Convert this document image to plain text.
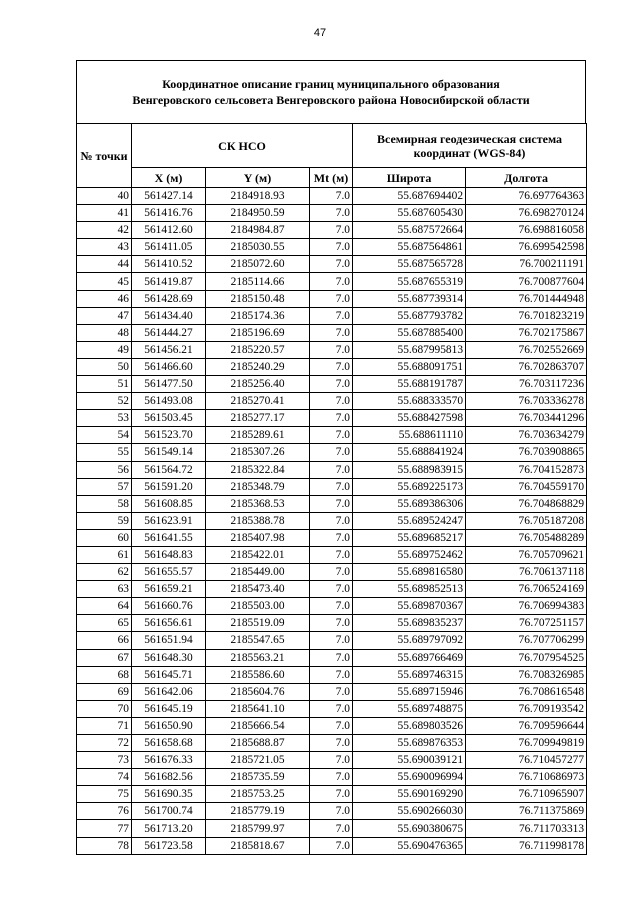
47
Координатное описание границ муниципального образования
Венгеровского сельсовета Венгеровского района Новосибирской области
№ точки	СК НСО			Всемирная геодезическая система координат (WGS-84)	
	X (м)	Y (м)	Mt (м)	Широта	Долгота
40	561427.14	2184918.93	7.0	55.687694402	76.697764363
41	561416.76	2184950.59	7.0	55.687605430	76.698270124
42	561412.60	2184984.87	7.0	55.687572664	76.698816058
43	561411.05	2185030.55	7.0	55.687564861	76.699542598
44	561410.52	2185072.60	7.0	55.687565728	76.700211191
45	561419.87	2185114.66	7.0	55.687655319	76.700877604
46	561428.69	2185150.48	7.0	55.687739314	76.701444948
47	561434.40	2185174.36	7.0	55.687793782	76.701823219
48	561444.27	2185196.69	7.0	55.687885400	76.702175867
49	561456.21	2185220.57	7.0	55.687995813	76.702552669
50	561466.60	2185240.29	7.0	55.688091751	76.702863707
51	561477.50	2185256.40	7.0	55.688191787	76.703117236
52	561493.08	2185270.41	7.0	55.688333570	76.703336278
53	561503.45	2185277.17	7.0	55.688427598	76.703441296
54	561523.70	2185289.61	7.0	55.688611110	76.703634279
55	561549.14	2185307.26	7.0	55.688841924	76.703908865
56	561564.72	2185322.84	7.0	55.688983915	76.704152873
57	561591.20	2185348.79	7.0	55.689225173	76.704559170
58	561608.85	2185368.53	7.0	55.689386306	76.704868829
59	561623.91	2185388.78	7.0	55.689524247	76.705187208
60	561641.55	2185407.98	7.0	55.689685217	76.705488289
61	561648.83	2185422.01	7.0	55.689752462	76.705709621
62	561655.57	2185449.00	7.0	55.689816580	76.706137118
63	561659.21	2185473.40	7.0	55.689852513	76.706524169
64	561660.76	2185503.00	7.0	55.689870367	76.706994383
65	561656.61	2185519.09	7.0	55.689835237	76.707251157
66	561651.94	2185547.65	7.0	55.689797092	76.707706299
67	561648.30	2185563.21	7.0	55.689766469	76.707954525
68	561645.71	2185586.60	7.0	55.689746315	76.708326985
69	561642.06	2185604.76	7.0	55.689715946	76.708616548
70	561645.19	2185641.10	7.0	55.689748875	76.709193542
71	561650.90	2185666.54	7.0	55.689803526	76.709596644
72	561658.68	2185688.87	7.0	55.689876353	76.709949819
73	561676.33	2185721.05	7.0	55.690039121	76.710457277
74	561682.56	2185735.59	7.0	55.690096994	76.710686973
75	561690.35	2185753.25	7.0	55.690169290	76.710965907
76	561700.74	2185779.19	7.0	55.690266030	76.711375869
77	561713.20	2185799.97	7.0	55.690380675	76.711703313
78	561723.58	2185818.67	7.0	55.690476365	76.711998178
